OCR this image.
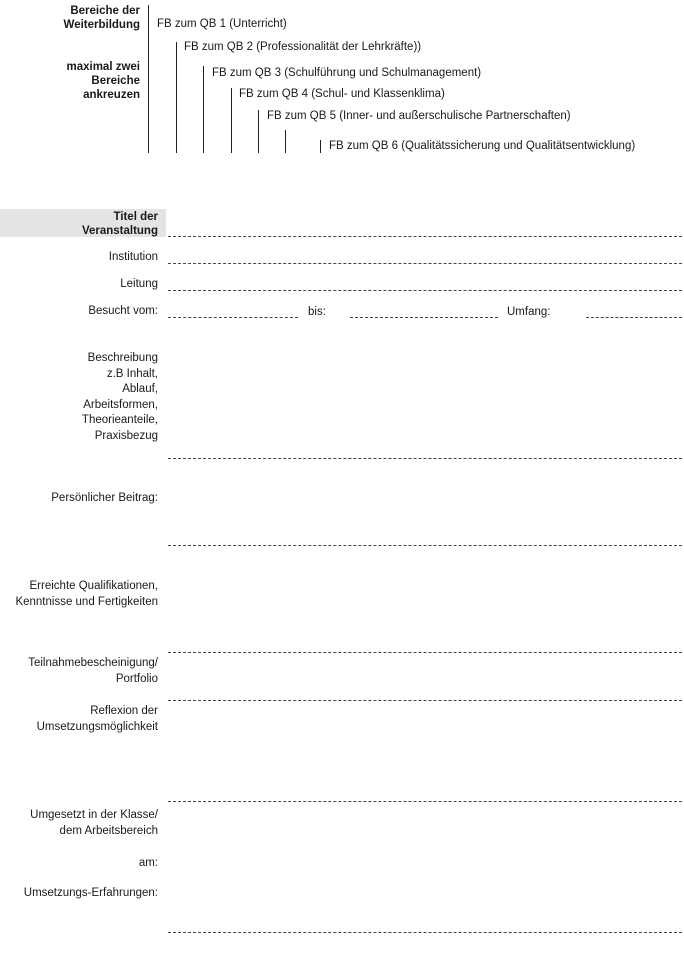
Bereiche der
Weiterbildung
maximal zwei
Bereiche
ankreuzen
FB zum QB 1 (Unterricht)
FB zum QB 2 (Professionalität der Lehrkräfte))
FB zum QB 3 (Schulführung und Schulmanagement)
FB zum QB 4 (Schul- und Klassenklima)
FB zum QB 5 (Inner- und außerschulische Partnerschaften)
FB zum QB 6 (Qualitätssicherung und Qualitätsentwicklung)
Titel der
Veranstaltung
Institution
Leitung
Besucht vom:	bis:	Umfang:
Beschreibung
z.B Inhalt,
Ablauf,
Arbeitsformen,
Theorieanteile,
Praxisbezug
Persönlicher Beitrag:
Erreichte Qualifikationen,
Kenntnisse und Fertigkeiten
Teilnahmebescheinigung/
Portfolio
Reflexion der
Umsetzungsmöglichkeit
Umgesetzt in der Klasse/
dem Arbeitsbereich
am:
Umsetzungs-Erfahrungen:
